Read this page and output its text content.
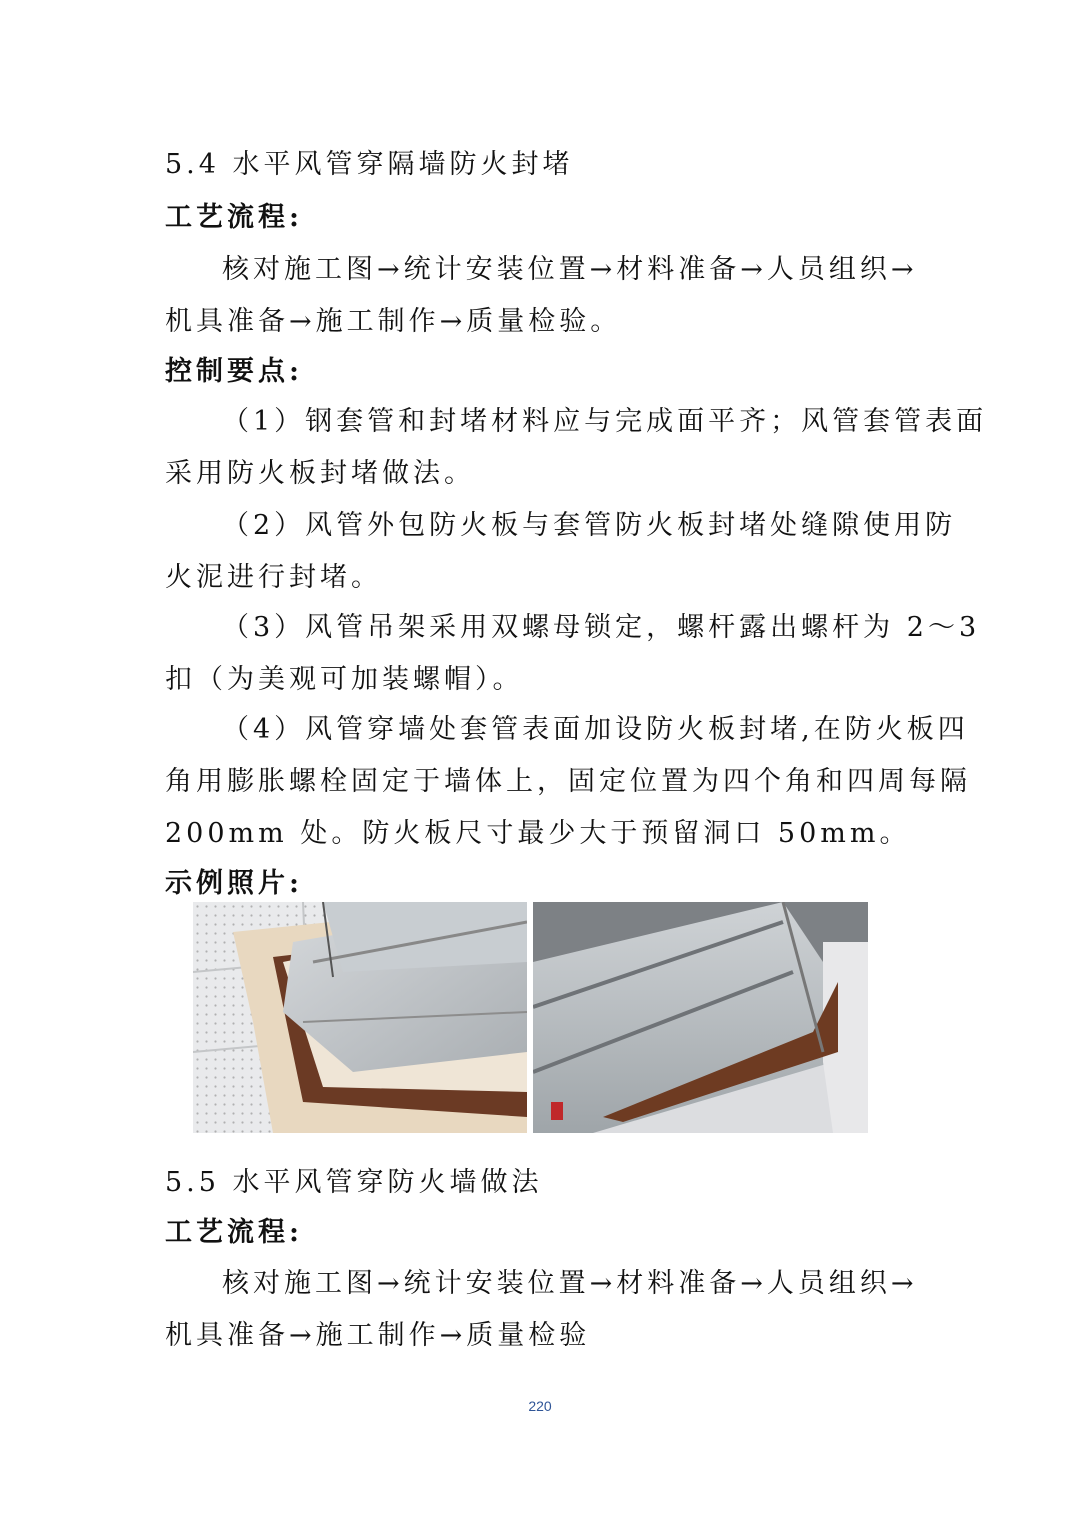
5.4 水平风管穿隔墙防火封堵
工艺流程:
核对施工图→统计安装位置→材料准备→人员组织→
机具准备→施工制作→质量检验。
控制要点:
（1）钢套管和封堵材料应与完成面平齐；风管套管表面
采用防火板封堵做法。
（2）风管外包防火板与套管防火板封堵处缝隙使用防
火泥进行封堵。
（3）风管吊架采用双螺母锁定，螺杆露出螺杆为 2～3
扣（为美观可加装螺帽）。
（4）风管穿墙处套管表面加设防火板封堵,在防火板四
角用膨胀螺栓固定于墙体上，固定位置为四个角和四周每隔
200mm 处。防火板尺寸最少大于预留洞口 50mm。
示例照片:
5.5 水平风管穿防火墙做法
工艺流程:
核对施工图→统计安装位置→材料准备→人员组织→
机具准备→施工制作→质量检验
220
